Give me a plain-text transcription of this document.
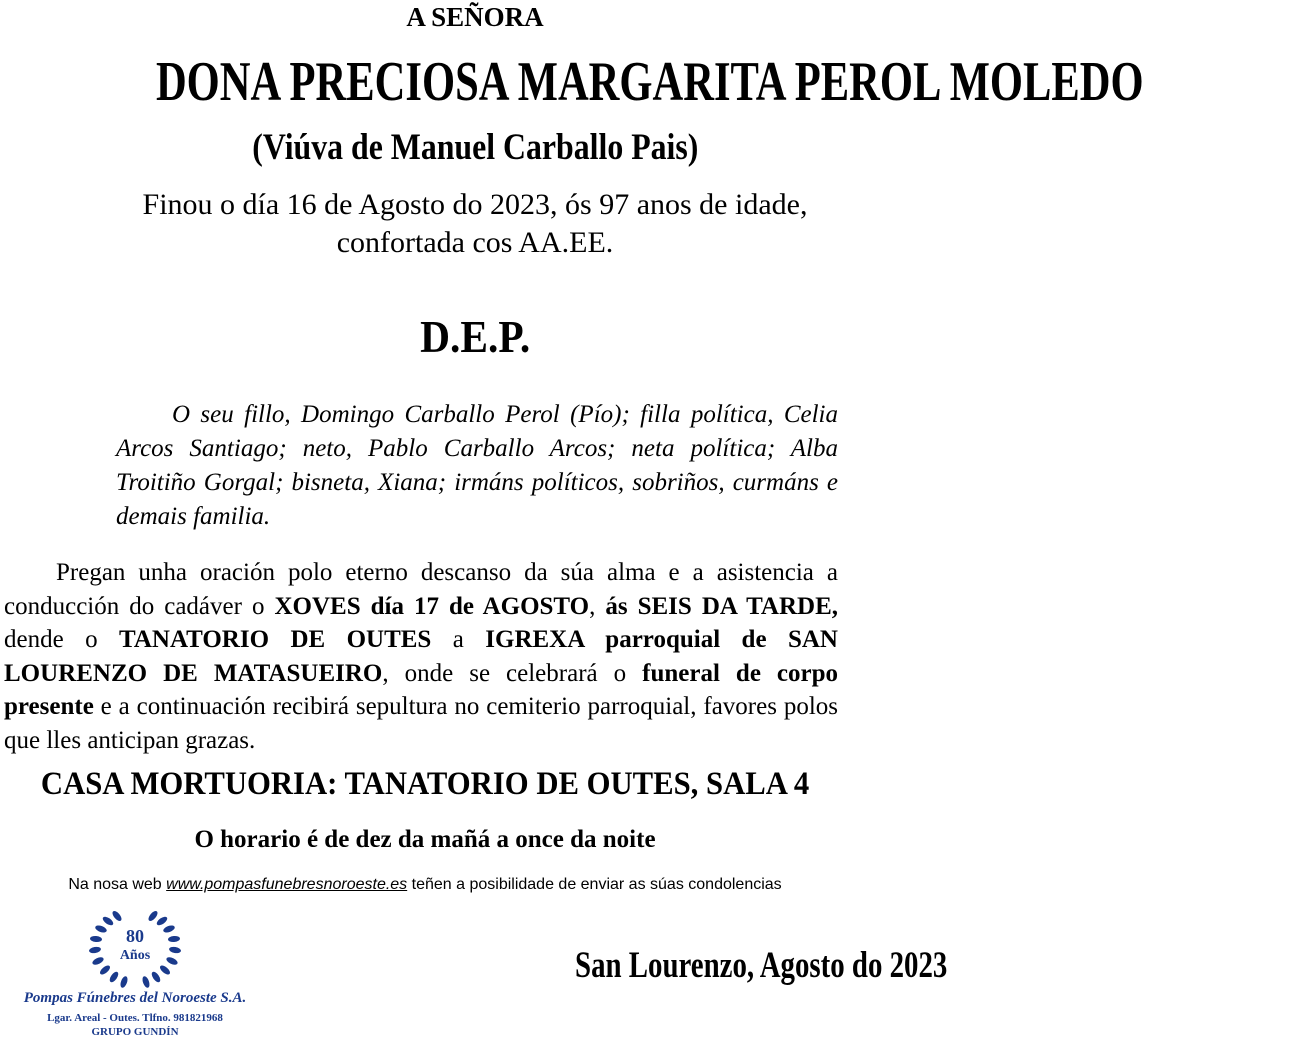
A SEÑORA
DONA PRECIOSA MARGARITA PEROL MOLEDO
(Viúva de Manuel Carballo Pais)
Finou o día 16 de Agosto do 2023, ós 97 anos de idade,
confortada cos AA.EE.
D.E.P.
O seu fillo, Domingo Carballo Perol (Pío); filla política, Celia Arcos Santiago; neto, Pablo Carballo Arcos; neta política; Alba Troitiño Gorgal; bisneta, Xiana; irmáns políticos, sobriños, curmáns e demais familia.
Pregan unha oración polo eterno descanso da súa alma e a asistencia a conducción do cadáver o XOVES día 17 de AGOSTO, ás SEIS DA TARDE, dende o TANATORIO DE OUTES a IGREXA parroquial de SAN LOURENZO DE MATASUEIRO, onde se celebrará o funeral de corpo presente e a continuación recibirá sepultura no cemiterio parroquial, favores polos que lles anticipan grazas.
CASA MORTUORIA: TANATORIO DE OUTES, SALA 4
O horario é de dez da mañá a once da noite
Na nosa web www.pompasfunebresnoroeste.es teñen a posibilidade de enviar as súas condolencias
80
Años
Pompas Fúnebres del Noroeste S.A.
Lgar. Areal - Outes. Tlfno. 981821968
GRUPO GUNDÍN
San Lourenzo, Agosto do 2023
